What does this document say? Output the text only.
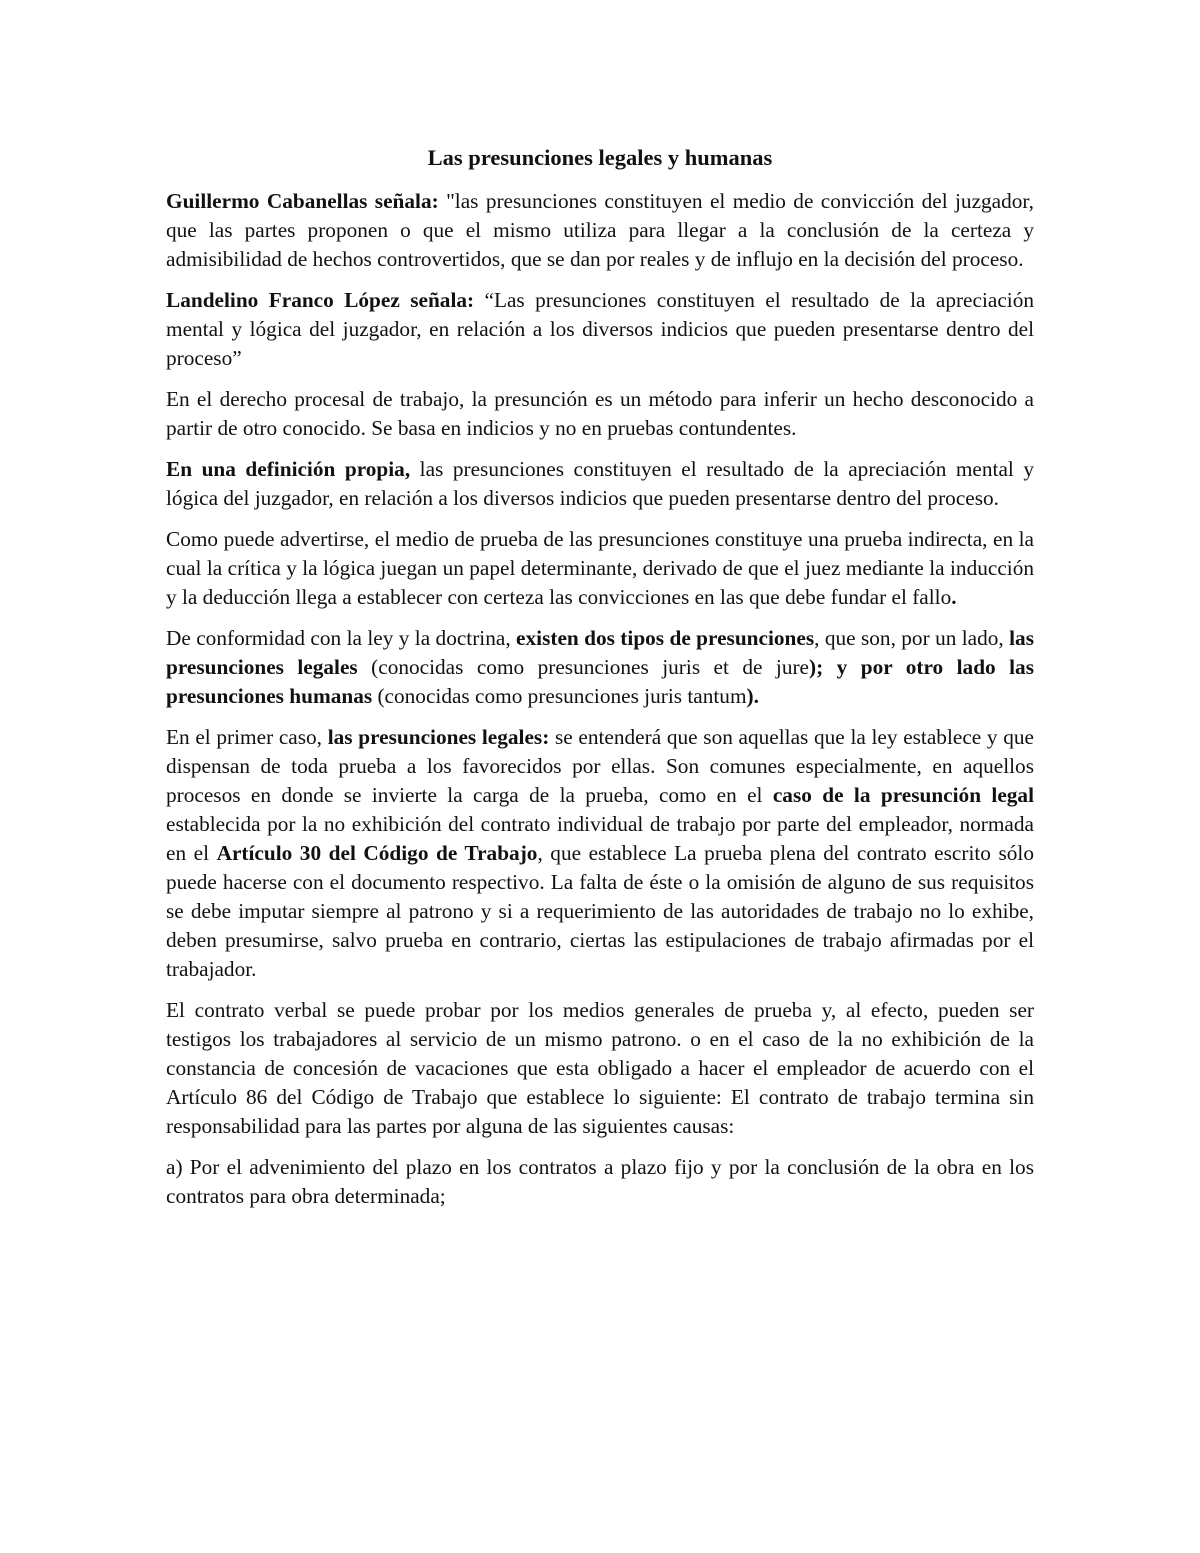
Las presunciones legales y humanas

Guillermo Cabanellas señala: "las presunciones constituyen el medio de convicción del juzgador, que las partes proponen o que el mismo utiliza para llegar a la conclusión de la certeza y admisibilidad de hechos controvertidos, que se dan por reales y de influjo en la decisión del proceso.

Landelino Franco López señala: “Las presunciones constituyen el resultado de la apreciación mental y lógica del juzgador, en relación a los diversos indicios que pueden presentarse dentro del proceso”

En el derecho procesal de trabajo, la presunción es un método para inferir un hecho desconocido a partir de otro conocido. Se basa en indicios y no en pruebas contundentes.

En una definición propia, las presunciones constituyen el resultado de la apreciación mental y lógica del juzgador, en relación a los diversos indicios que pueden presentarse dentro del proceso.

Como puede advertirse, el medio de prueba de las presunciones constituye una prueba indirecta, en la cual la crítica y la lógica juegan un papel determinante, derivado de que el juez mediante la inducción y la deducción llega a establecer con certeza las convicciones en las que debe fundar el fallo.

De conformidad con la ley y la doctrina, existen dos tipos de presunciones, que son, por un lado, las presunciones legales (conocidas como presunciones juris et de jure); y por otro lado las presunciones humanas (conocidas como presunciones juris tantum).

En el primer caso, las presunciones legales: se entenderá que son aquellas que la ley establece y que dispensan de toda prueba a los favorecidos por ellas. Son comunes especialmente, en aquellos procesos en donde se invierte la carga de la prueba, como en el caso de la presunción legal establecida por la no exhibición del contrato individual de trabajo por parte del empleador, normada en el Artículo 30 del Código de Trabajo, que establece La prueba plena del contrato escrito sólo puede hacerse con el documento respectivo. La falta de éste o la omisión de alguno de sus requisitos se debe imputar siempre al patrono y si a requerimiento de las autoridades de trabajo no lo exhibe, deben presumirse, salvo prueba en contrario, ciertas las estipulaciones de trabajo afirmadas por el trabajador.

El contrato verbal se puede probar por los medios generales de prueba y, al efecto, pueden ser testigos los trabajadores al servicio de un mismo patrono. o en el caso de la no exhibición de la constancia de concesión de vacaciones que esta obligado a hacer el empleador de acuerdo con el Artículo 86 del Código de Trabajo que establece lo siguiente: El contrato de trabajo termina sin responsabilidad para las partes por alguna de las siguientes causas:

a) Por el advenimiento del plazo en los contratos a plazo fijo y por la conclusión de la obra en los contratos para obra determinada;
